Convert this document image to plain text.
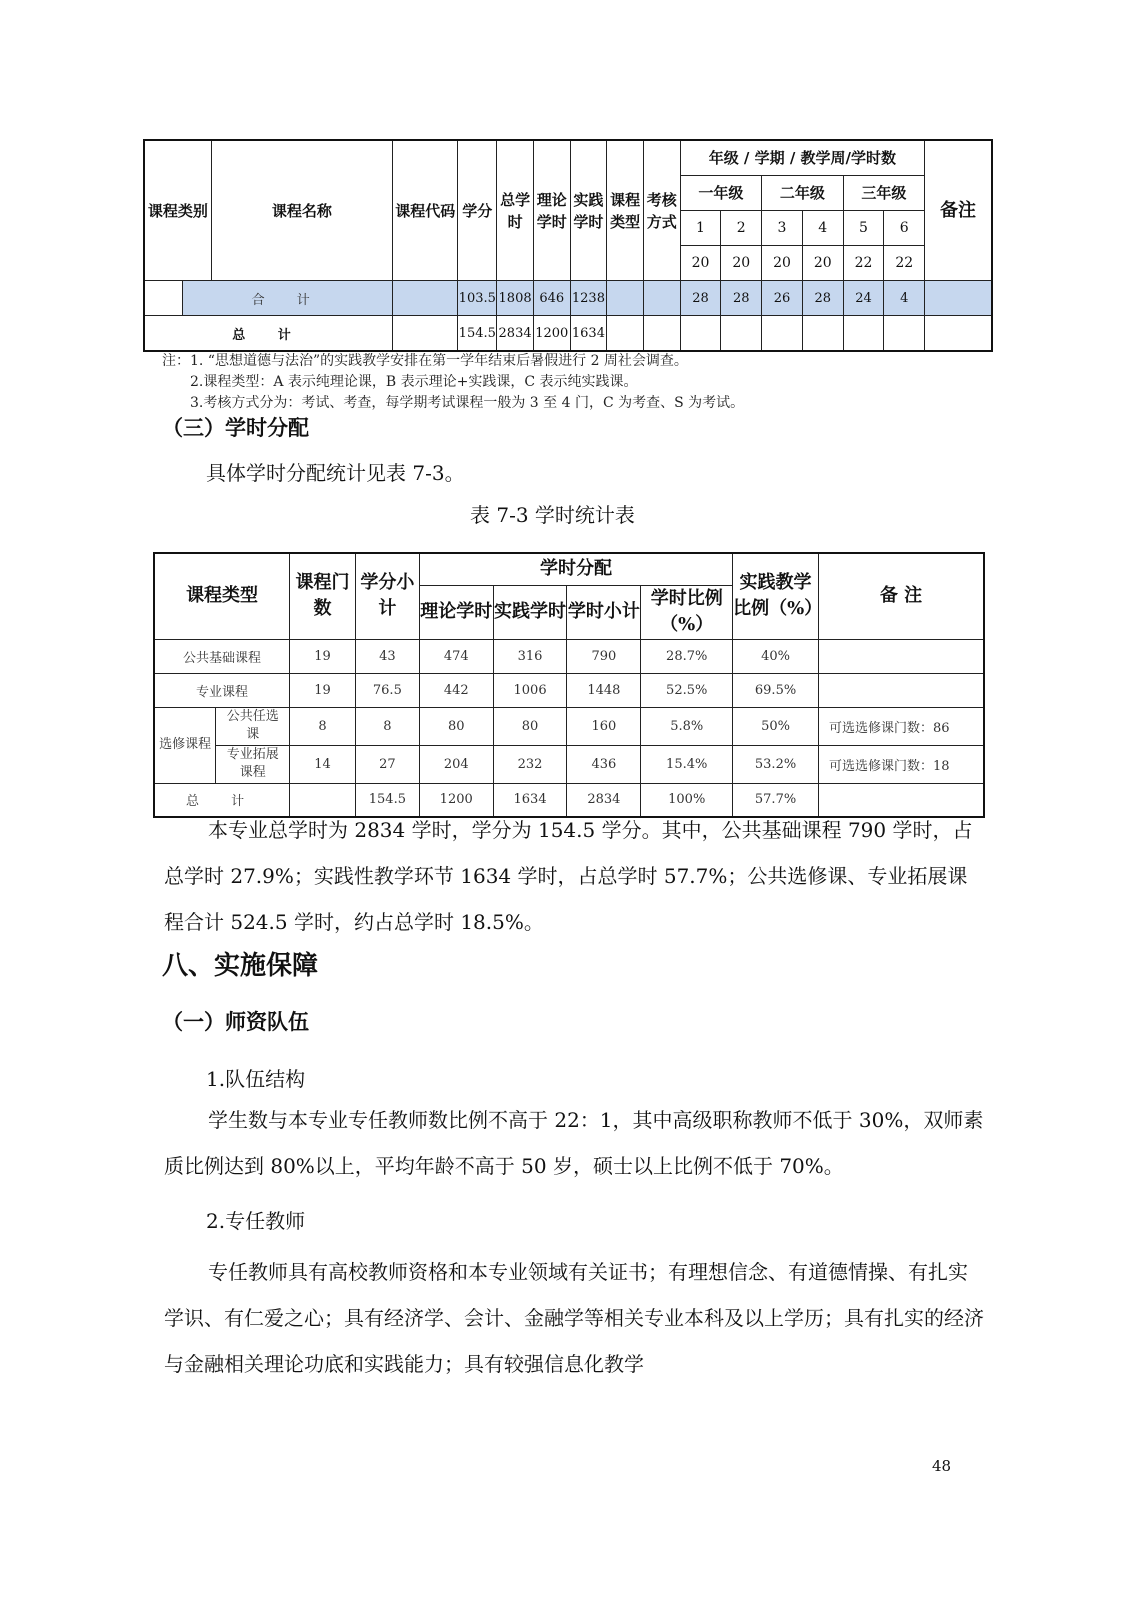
课程类别		课程名称	课程代码	学分	总学时	理论学时	实践学时	课程类型	考核方式	年级 / 学期 / 教学周/学时数						备注
										一年级		二年级		三年级		
										1	2	3	4	5	6	
										20	20	20	20	22	22	
	合 计			103.5	1808	646	1238			28	28	26	28	24	4	
总 计				154.5	2834	1200	1634									
注：1. “思想道德与法治”的实践教学安排在第一学年结束后暑假进行 2 周社会调查。
2.课程类型：A 表示纯理论课，B 表示理论+实践课，C 表示纯实践课。
3.考核方式分为：考试、考查，每学期考试课程一般为 3 至 4 门，C 为考查、S 为考试。
（三）学时分配
具体学时分配统计见表 7-3。
表 7-3 学时统计表
课程类型		课程门数	学分小计	学时分配				实践教学比例（%）	备 注
				理论学时	实践学时	学时小计	学时比例（%）		
公共基础课程		19	43	474	316	790	28.7%	40%	
专业课程		19	76.5	442	1006	1448	52.5%	69.5%	
选修课程	公共任选课	8	8	80	80	160	5.8%	50%	可选选修课门数：86
	专业拓展课程	14	27	204	232	436	15.4%	53.2%	可选选修课门数：18
总 计			154.5	1200	1634	2834	100%	57.7%	
本专业总学时为 2834 学时，学分为 154.5 学分。其中，公共基础课程 790 学时，占总学时 27.9%；实践性教学环节 1634 学时，占总学时 57.7%；公共选修课、专业拓展课程合计 524.5 学时，约占总学时 18.5%。
八、实施保障
（一）师资队伍
1.队伍结构
学生数与本专业专任教师数比例不高于 22：1，其中高级职称教师不低于 30%，双师素质比例达到 80%以上，平均年龄不高于 50 岁，硕士以上比例不低于 70%。
2.专任教师
专任教师具有高校教师资格和本专业领域有关证书；有理想信念、有道德情操、有扎实学识、有仁爱之心；具有经济学、会计、金融学等相关专业本科及以上学历；具有扎实的经济与金融相关理论功底和实践能力；具有较强信息化教学
48
